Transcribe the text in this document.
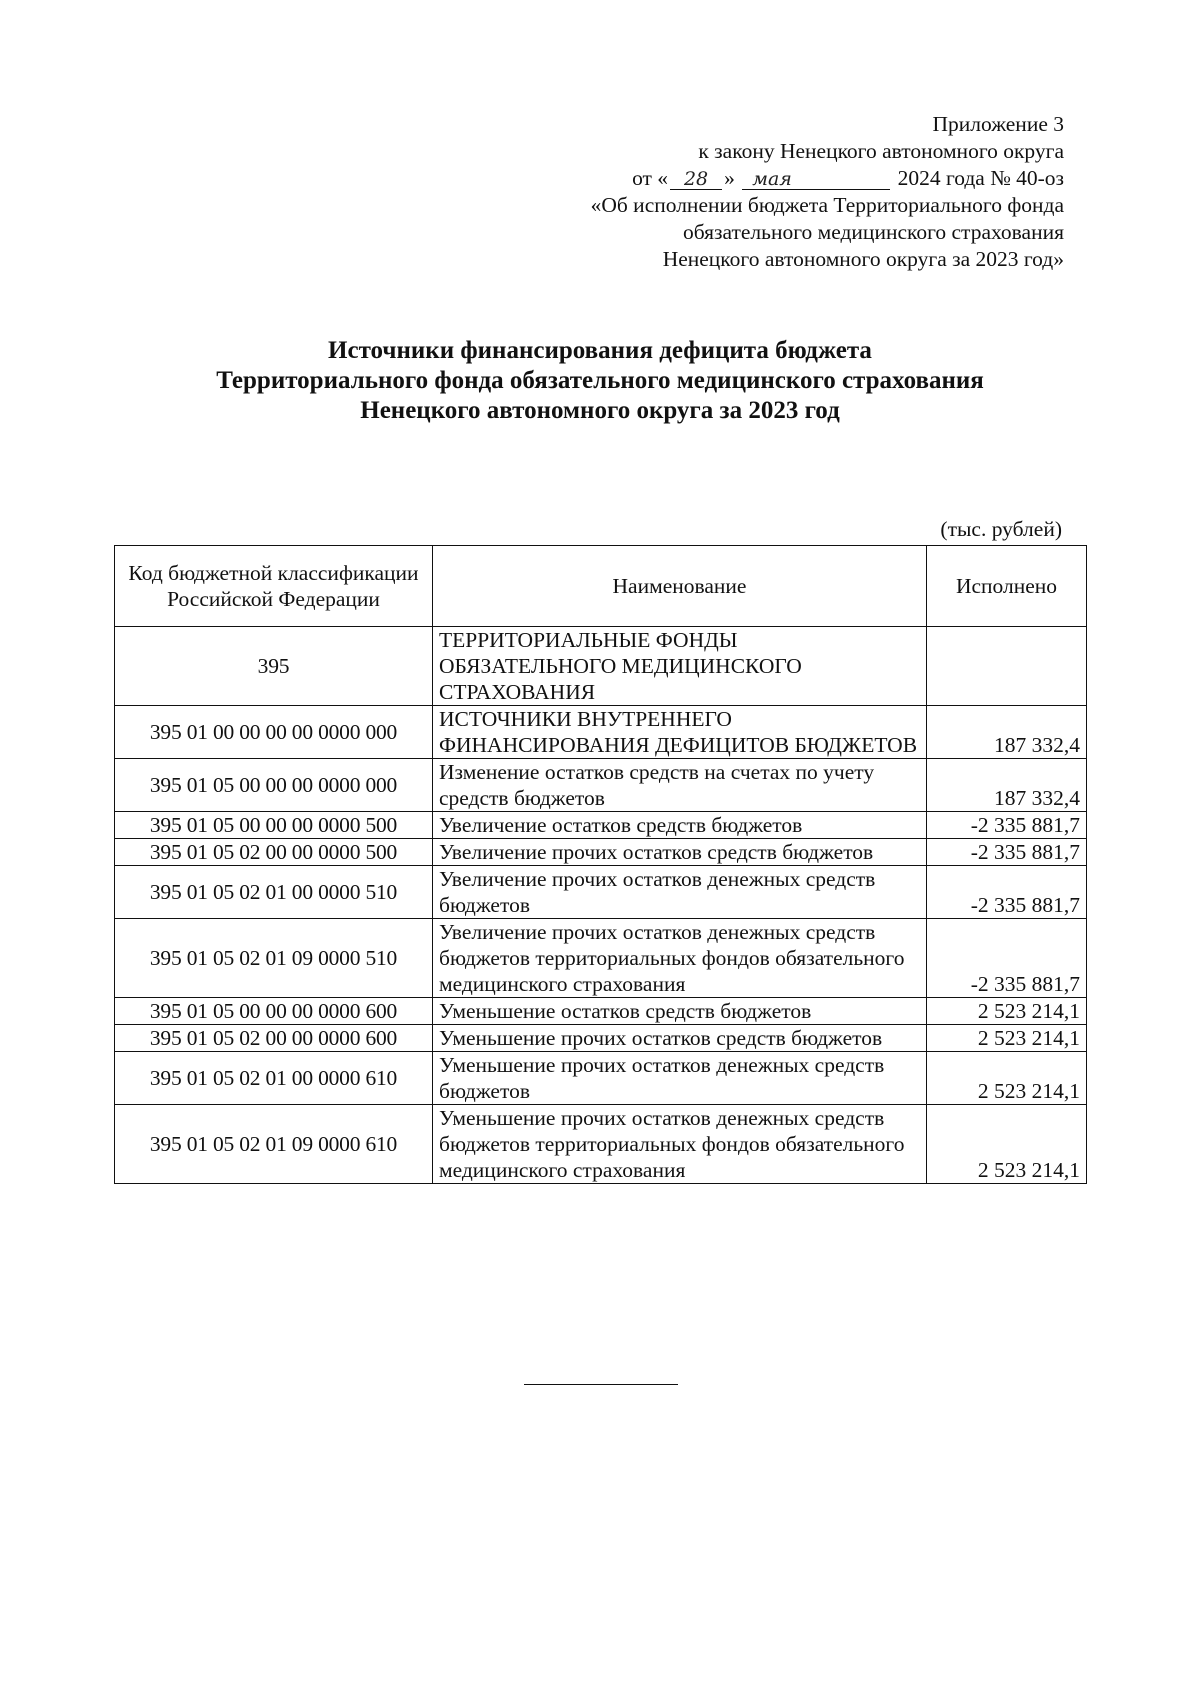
Приложение 3
к закону Ненецкого автономного округа
от « 28 » мая	2024 года № 40-оз
«Об исполнении бюджета Территориального фонда
обязательного медицинского страхования
Ненецкого автономного округа за 2023 год»
Источники финансирования дефицита бюджета
Территориального фонда обязательного медицинского страхования
Ненецкого автономного округа за 2023 год
(тыс. рублей)
Код бюджетной классификации Российской Федерации	Наименование	Исполнено
395	ТЕРРИТОРИАЛЬНЫЕ ФОНДЫ ОБЯЗАТЕЛЬНОГО МЕДИЦИНСКОГО СТРАХОВАНИЯ	
395 01 00 00 00 00 0000 000	ИСТОЧНИКИ ВНУТРЕННЕГО ФИНАНСИРОВАНИЯ ДЕФИЦИТОВ БЮДЖЕТОВ	187 332,4
395 01 05 00 00 00 0000 000	Изменение остатков средств на счетах по учету средств бюджетов	187 332,4
395 01 05 00 00 00 0000 500	Увеличение остатков средств бюджетов	-2 335 881,7
395 01 05 02 00 00 0000 500	Увеличение прочих остатков средств бюджетов	-2 335 881,7
395 01 05 02 01 00 0000 510	Увеличение прочих остатков денежных средств бюджетов	-2 335 881,7
395 01 05 02 01 09 0000 510	Увеличение прочих остатков денежных средств бюджетов территориальных фондов обязательного медицинского страхования	-2 335 881,7
395 01 05 00 00 00 0000 600	Уменьшение остатков средств бюджетов	2 523 214,1
395 01 05 02 00 00 0000 600	Уменьшение прочих остатков средств бюджетов	2 523 214,1
395 01 05 02 01 00 0000 610	Уменьшение прочих остатков денежных средств бюджетов	2 523 214,1
395 01 05 02 01 09 0000 610	Уменьшение прочих остатков денежных средств бюджетов территориальных фондов обязательного медицинского страхования	2 523 214,1
